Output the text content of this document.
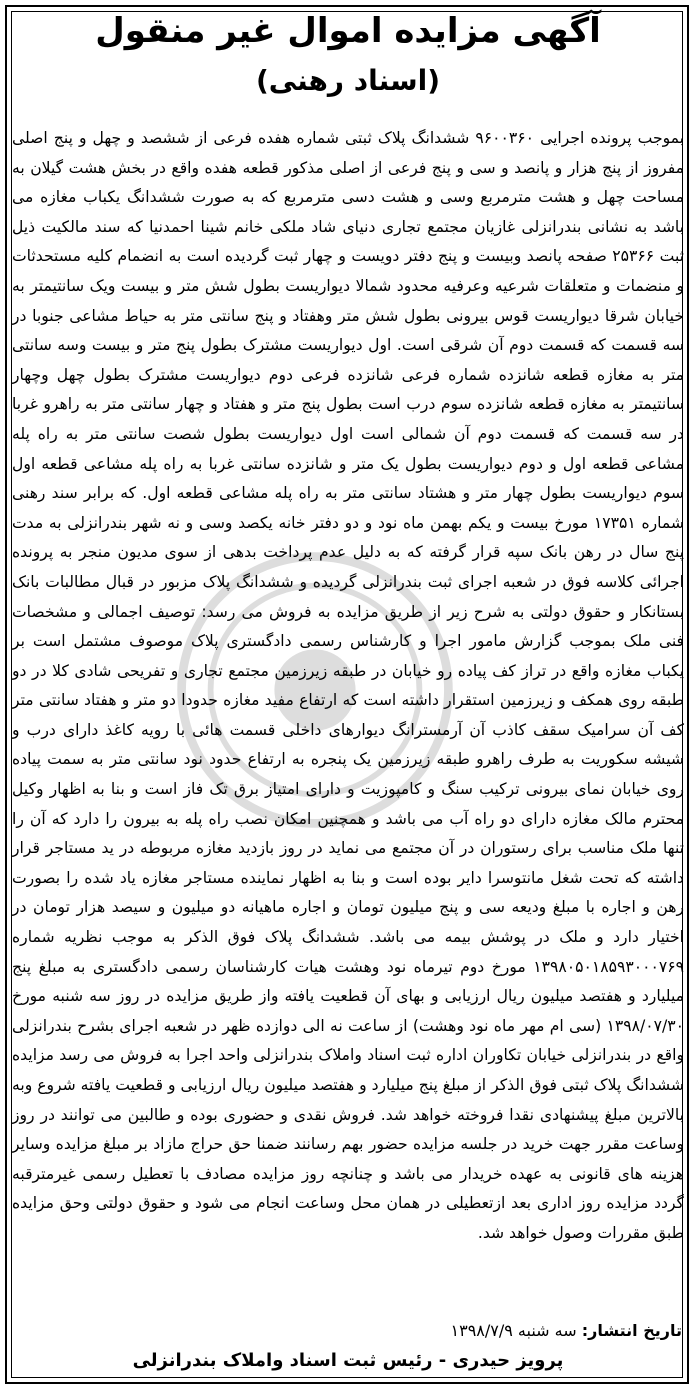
آگهی مزایده اموال غیر منقول
(اسناد رهنی)
بموجب پرونده اجرایی ۹۶۰۰۳۶۰ ششدانگ پلاک ثبتی شماره هفده فرعی از ششصد و چهل و پنج اصلی مفروز از پنج هزار و پانصد و سی و پنج فرعی از اصلی مذکور قطعه هفده واقع در بخش هشت گیلان به مساحت چهل و هشت مترمربع وسی و هشت دسی مترمربع که به صورت ششدانگ یکباب مغازه می باشد به نشانی بندرانزلی غازیان مجتمع تجاری دنیای شاد ملکی خانم شینا احمدنیا که سند مالکیت ذیل ثبت ۲۵۳۶۶ صفحه پانصد وبیست و پنج دفتر دویست و چهار ثبت گردیده است به انضمام کلیه مستحدثات و منضمات و متعلقات شرعیه وعرفیه محدود شمالا دیواریست بطول شش متر و بیست ویک سانتیمتر به خیابان شرقا دیواریست قوس بیرونی بطول شش متر وهفتاد و پنج سانتی متر به حیاط مشاعی جنوبا در سه قسمت که قسمت دوم آن شرقی است. اول دیواریست مشترک بطول پنج متر و بیست وسه سانتی متر به مغازه قطعه شانزده شماره فرعی شانزده فرعی دوم دیواریست مشترک بطول چهل وچهار سانتیمتر به مغازه قطعه شانزده سوم درب است بطول پنج متر و هفتاد و چهار سانتی متر به راهرو غربا در سه قسمت که قسمت دوم آن شمالی است اول دیواریست بطول شصت سانتی متر به راه پله مشاعی قطعه اول و دوم دیواریست بطول یک متر و شانزده سانتی غربا به راه پله مشاعی قطعه اول سوم دیواریست بطول چهار متر و هشتاد سانتی متر به راه پله مشاعی قطعه اول. که برابر سند رهنی شماره ۱۷۳۵۱ مورخ بیست و یکم بهمن ماه نود و دو دفتر خانه یکصد وسی و نه شهر بندرانزلی به مدت پنج سال در رهن بانک سپه قرار گرفته که به دلیل عدم پرداخت بدهی از سوی مدیون منجر به پرونده اجرائی کلاسه فوق در شعبه اجرای ثبت بندرانزلی گردیده و ششدانگ پلاک مزبور در قبال مطالبات بانک بستانکار و حقوق دولتی به شرح زیر از طریق مزایده به فروش می رسد: توصیف اجمالی و مشخصات فنی ملک بموجب گزارش مامور اجرا و کارشناس رسمی دادگستری پلاک موصوف مشتمل است بر یکباب مغازه واقع در تراز کف پیاده رو خیابان در طبقه زیرزمین مجتمع تجاری و تفریحی شادی کلا در دو طبقه روی همکف و زیرزمین استقرار داشته است که ارتفاع مفید مغازه حدودا دو متر و هفتاد سانتی متر کف آن سرامیک سقف کاذب آن آرمسترانگ دیوارهای داخلی قسمت هائی با رویه کاغذ دارای درب و شیشه سکوریت به طرف راهرو طبقه زیرزمین یک پنجره به ارتفاع حدود نود سانتی متر به سمت پیاده روی خیابان نمای بیرونی ترکیب سنگ و کامپوزیت و دارای امتیاز برق تک فاز است و بنا به اظهار وکیل محترم مالک مغازه دارای دو راه آب می باشد و همچنین امکان نصب راه پله به بیرون را دارد که آن را تنها ملک مناسب برای رستوران در آن مجتمع می نماید در روز بازدید مغازه مربوطه در ید مستاجر قرار داشته که تحت شغل مانتوسرا دایر بوده است و بنا به اظهار نماینده مستاجر مغازه یاد شده را بصورت رهن و اجاره با مبلغ ودیعه سی و پنج میلیون تومان و اجاره ماهیانه دو میلیون و سیصد هزار تومان در اختیار دارد و ملک در پوشش بیمه می باشد. ششدانگ پلاک فوق الذکر به موجب نظریه شماره ۱۳۹۸۰۵۰۱۸۵۹۳۰۰۰۷۶۹ مورخ دوم تیرماه نود وهشت هیات کارشناسان رسمی دادگستری به مبلغ پنج میلیارد و هفتصد میلیون ریال ارزیابی و بهای آن قطعیت یافته واز طریق مزایده در روز سه شنبه مورخ ۱۳۹۸/۰۷/۳۰ (سی ام مهر ماه نود وهشت) از ساعت نه الی دوازده ظهر در شعبه اجرای بشرح بندرانزلی واقع در بندرانزلی خیابان تکاوران اداره ثبت اسناد واملاک بندرانزلی واحد اجرا به فروش می رسد مزایده ششدانگ پلاک ثبتی فوق الذکر از مبلغ پنج میلیارد و هفتصد میلیون ریال ارزیابی و قطعیت یافته شروع وبه بالاترین مبلغ پیشنهادی نقدا فروخته خواهد شد. فروش نقدی و حضوری بوده و طالبین می توانند در روز وساعت مقرر جهت خرید در جلسه مزایده حضور بهم رسانند ضمنا حق حراج مازاد بر مبلغ مزایده وسایر هزینه های قانونی به عهده خریدار می باشد و چنانچه روز مزایده مصادف با تعطیل رسمی غیرمترقبه گردد مزایده روز اداری بعد ازتعطیلی در همان محل وساعت انجام می شود و حقوق دولتی وحق مزایده طبق مقررات وصول خواهد شد.
تاریخ انتشار: سه شنبه ۱۳۹۸/۷/۹
پرویز حیدری - رئیس ثبت اسناد واملاک بندرانزلی
